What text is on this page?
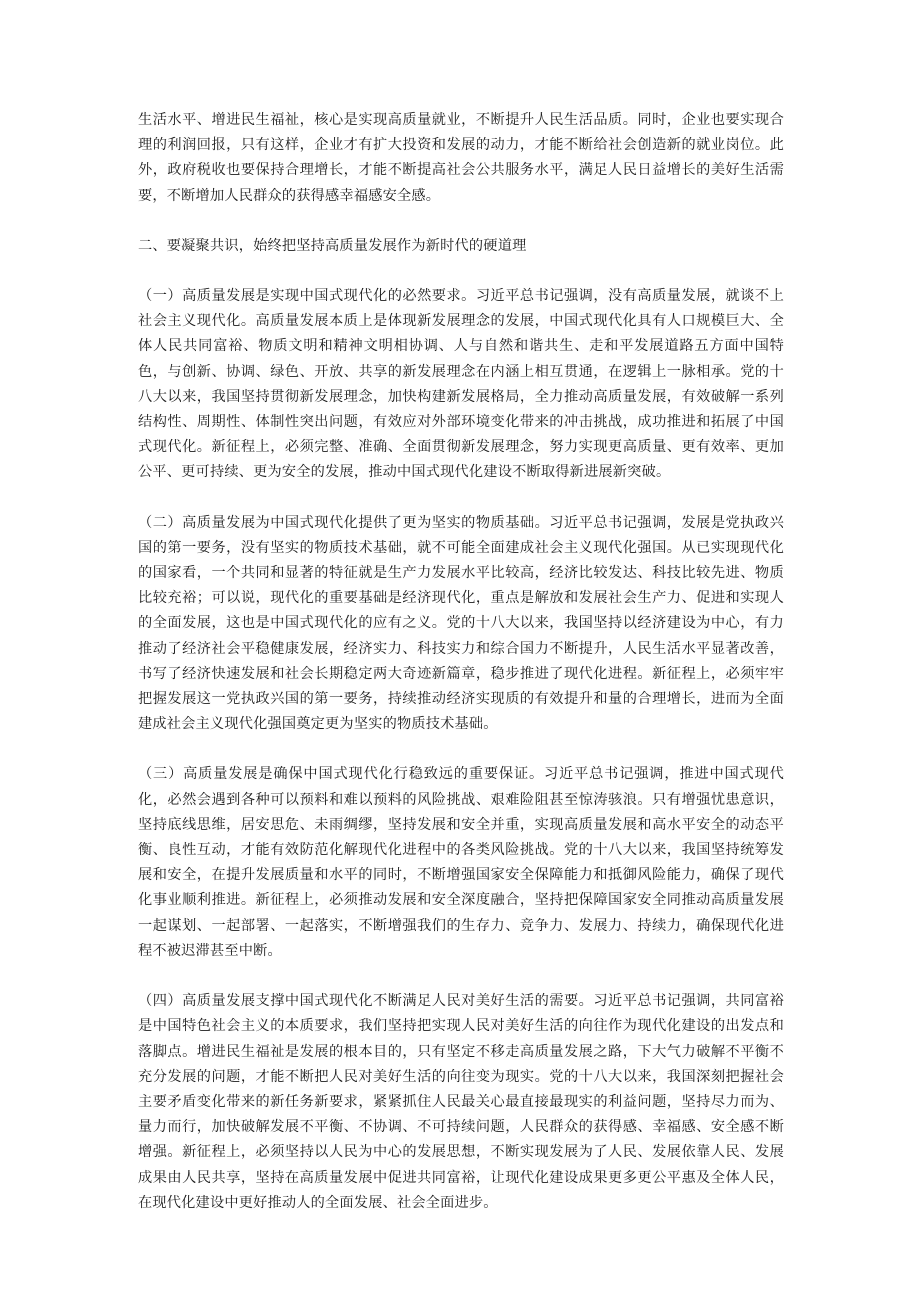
生活水平、增进民生福祉，核心是实现高质量就业，不断提升人民生活品质。同时，企业也要实现合理的利润回报，只有这样，企业才有扩大投资和发展的动力，才能不断给社会创造新的就业岗位。此外，政府税收也要保持合理增长，才能不断提高社会公共服务水平，满足人民日益增长的美好生活需要，不断增加人民群众的获得感幸福感安全感。

二、要凝聚共识，始终把坚持高质量发展作为新时代的硬道理

（一）高质量发展是实现中国式现代化的必然要求。习近平总书记强调，没有高质量发展，就谈不上社会主义现代化。高质量发展本质上是体现新发展理念的发展，中国式现代化具有人口规模巨大、全体人民共同富裕、物质文明和精神文明相协调、人与自然和谐共生、走和平发展道路五方面中国特色，与创新、协调、绿色、开放、共享的新发展理念在内涵上相互贯通，在逻辑上一脉相承。党的十八大以来，我国坚持贯彻新发展理念，加快构建新发展格局，全力推动高质量发展，有效破解一系列结构性、周期性、体制性突出问题，有效应对外部环境变化带来的冲击挑战，成功推进和拓展了中国式现代化。新征程上，必须完整、准确、全面贯彻新发展理念，努力实现更高质量、更有效率、更加公平、更可持续、更为安全的发展，推动中国式现代化建设不断取得新进展新突破。

（二）高质量发展为中国式现代化提供了更为坚实的物质基础。习近平总书记强调，发展是党执政兴国的第一要务，没有坚实的物质技术基础，就不可能全面建成社会主义现代化强国。从已实现现代化的国家看，一个共同和显著的特征就是生产力发展水平比较高，经济比较发达、科技比较先进、物质比较充裕；可以说，现代化的重要基础是经济现代化，重点是解放和发展社会生产力、促进和实现人的全面发展，这也是中国式现代化的应有之义。党的十八大以来，我国坚持以经济建设为中心，有力推动了经济社会平稳健康发展，经济实力、科技实力和综合国力不断提升，人民生活水平显著改善，书写了经济快速发展和社会长期稳定两大奇迹新篇章，稳步推进了现代化进程。新征程上，必须牢牢把握发展这一党执政兴国的第一要务，持续推动经济实现质的有效提升和量的合理增长，进而为全面建成社会主义现代化强国奠定更为坚实的物质技术基础。

（三）高质量发展是确保中国式现代化行稳致远的重要保证。习近平总书记强调，推进中国式现代化，必然会遇到各种可以预料和难以预料的风险挑战、艰难险阻甚至惊涛骇浪。只有增强忧患意识，坚持底线思维，居安思危、未雨绸缪，坚持发展和安全并重，实现高质量发展和高水平安全的动态平衡、良性互动，才能有效防范化解现代化进程中的各类风险挑战。党的十八大以来，我国坚持统筹发展和安全，在提升发展质量和水平的同时，不断增强国家安全保障能力和抵御风险能力，确保了现代化事业顺利推进。新征程上，必须推动发展和安全深度融合，坚持把保障国家安全同推动高质量发展一起谋划、一起部署、一起落实，不断增强我们的生存力、竞争力、发展力、持续力，确保现代化进程不被迟滞甚至中断。

（四）高质量发展支撑中国式现代化不断满足人民对美好生活的需要。习近平总书记强调，共同富裕是中国特色社会主义的本质要求，我们坚持把实现人民对美好生活的向往作为现代化建设的出发点和落脚点。增进民生福祉是发展的根本目的，只有坚定不移走高质量发展之路，下大气力破解不平衡不充分发展的问题，才能不断把人民对美好生活的向往变为现实。党的十八大以来，我国深刻把握社会主要矛盾变化带来的新任务新要求，紧紧抓住人民最关心最直接最现实的利益问题，坚持尽力而为、量力而行，加快破解发展不平衡、不协调、不可持续问题，人民群众的获得感、幸福感、安全感不断增强。新征程上，必须坚持以人民为中心的发展思想，不断实现发展为了人民、发展依靠人民、发展成果由人民共享，坚持在高质量发展中促进共同富裕，让现代化建设成果更多更公平惠及全体人民，在现代化建设中更好推动人的全面发展、社会全面进步。
